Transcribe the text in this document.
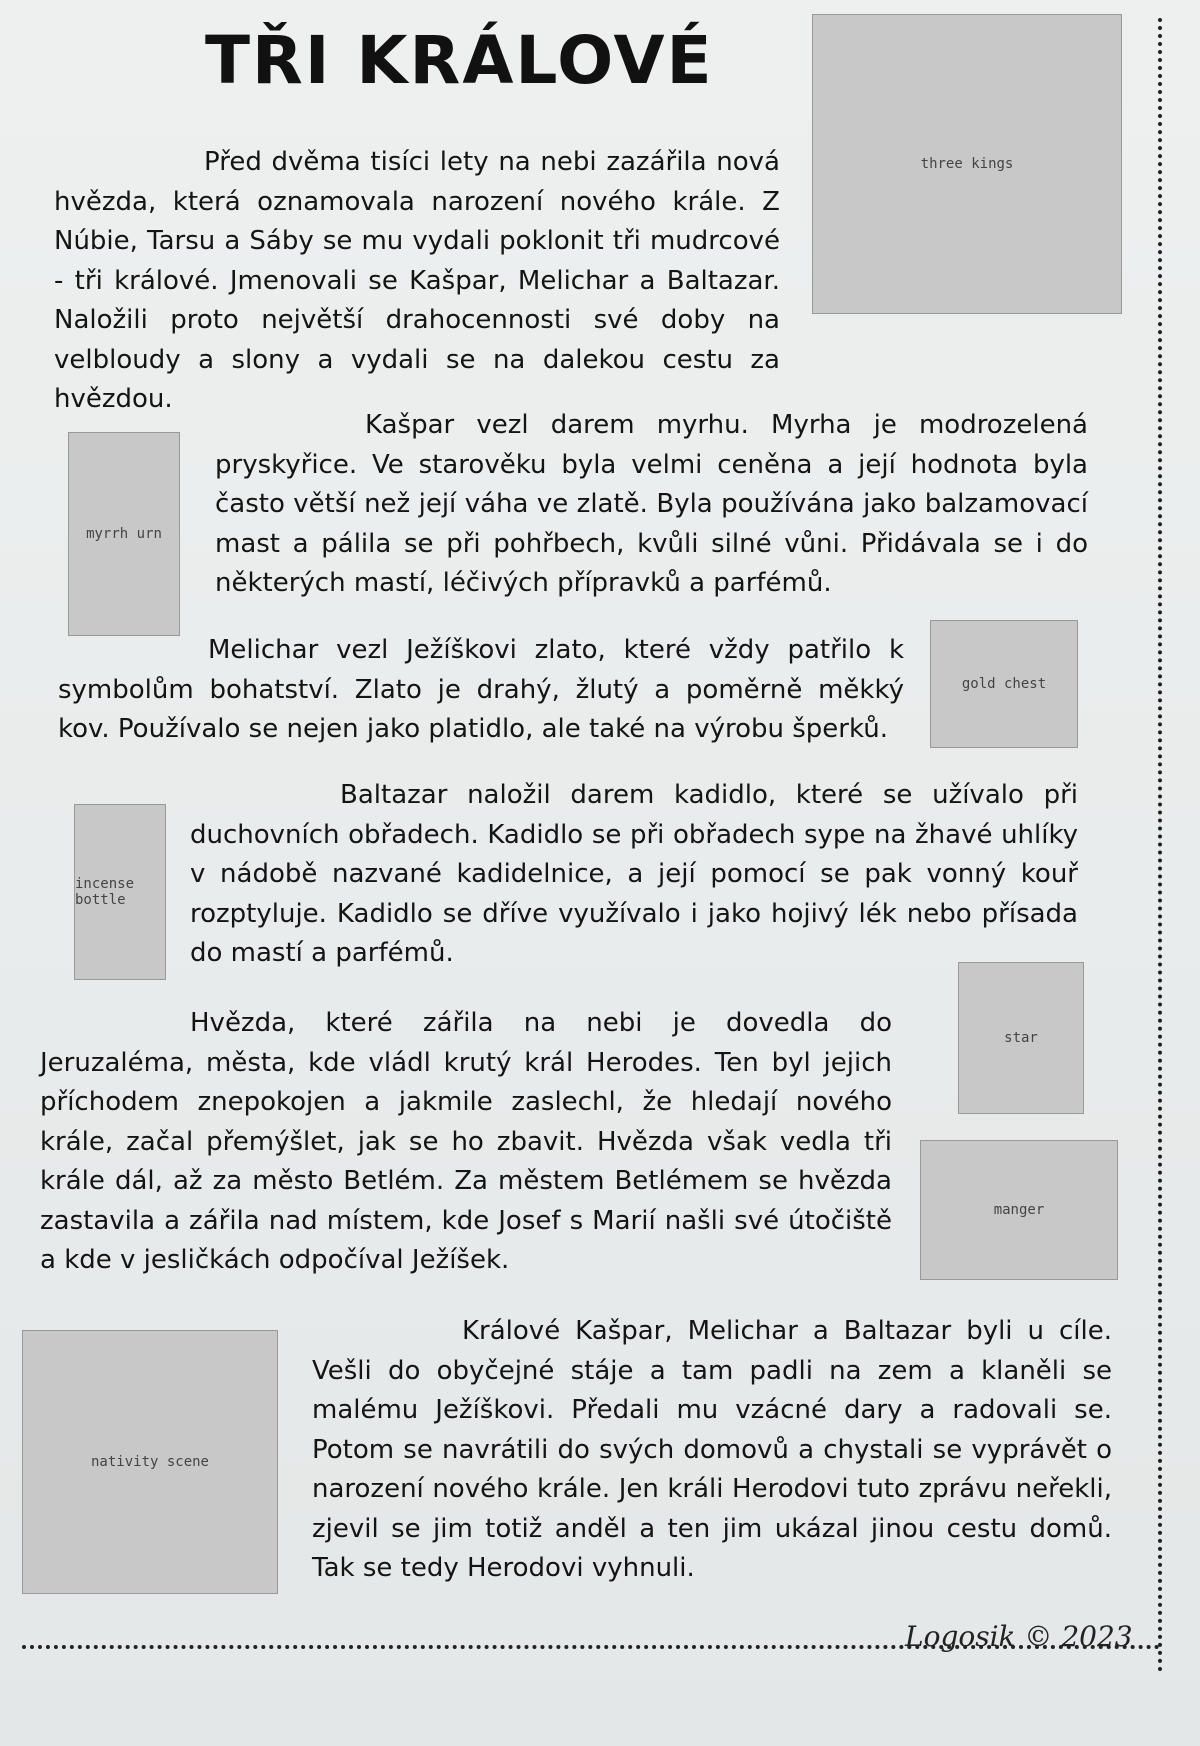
TŘI KRÁLOVÉ
three kings
myrrh urn
gold chest
incense bottle
star
manger
nativity scene

Před dvěma tisíci lety na nebi zazářila nová hvězda, která oznamovala narození nového krále. Z Núbie, Tarsu a Sáby se mu vydali poklonit tři mudrcové - tři králové. Jmenovali se Kašpar, Melichar a Baltazar. Naložili proto největší drahocennosti své doby na velbloudy a slony a vydali se na dalekou cestu za hvězdou.

Kašpar vezl darem myrhu. Myrha je modrozelená pryskyřice. Ve starověku byla velmi ceněna a její hodnota byla často větší než její váha ve zlatě. Byla používána jako balzamovací mast a pálila se při pohřbech, kvůli silné vůni. Přidávala se i do některých mastí, léčivých přípravků a parfémů.

Melichar vezl Ježíškovi zlato, které vždy patřilo k symbolům bohatství. Zlato je drahý, žlutý a poměrně měkký kov. Používalo se nejen jako platidlo, ale také na výrobu šperků.

Baltazar naložil darem kadidlo, které se užívalo při duchovních obřadech. Kadidlo se při obřadech sype na žhavé uhlíky v nádobě nazvané kadidelnice, a její pomocí se pak vonný kouř rozptyluje. Kadidlo se dříve využívalo i jako hojivý lék nebo přísada do mastí a parfémů.

Hvězda, které zářila na nebi je dovedla do Jeruzaléma, města, kde vládl krutý král Herodes. Ten byl jejich příchodem znepokojen a jakmile zaslechl, že hledají nového krále, začal přemýšlet, jak se ho zbavit. Hvězda však vedla tři krále dál, až za město Betlém. Za městem Betlémem se hvězda zastavila a zářila nad místem, kde Josef s Marií našli své útočiště a kde v jesličkách odpočíval Ježíšek.

Králové Kašpar, Melichar a Baltazar byli u cíle. Vešli do obyčejné stáje a tam padli na zem a klaněli se malému Ježíškovi. Předali mu vzácné dary a radovali se. Potom se navrátili do svých domovů a chystali se vyprávět o narození nového krále. Jen králi Herodovi tuto zprávu neřekli, zjevil se jim totiž anděl a ten jim ukázal jinou cestu domů. Tak se tedy Herodovi vyhnuli.

Logosik © 2023
